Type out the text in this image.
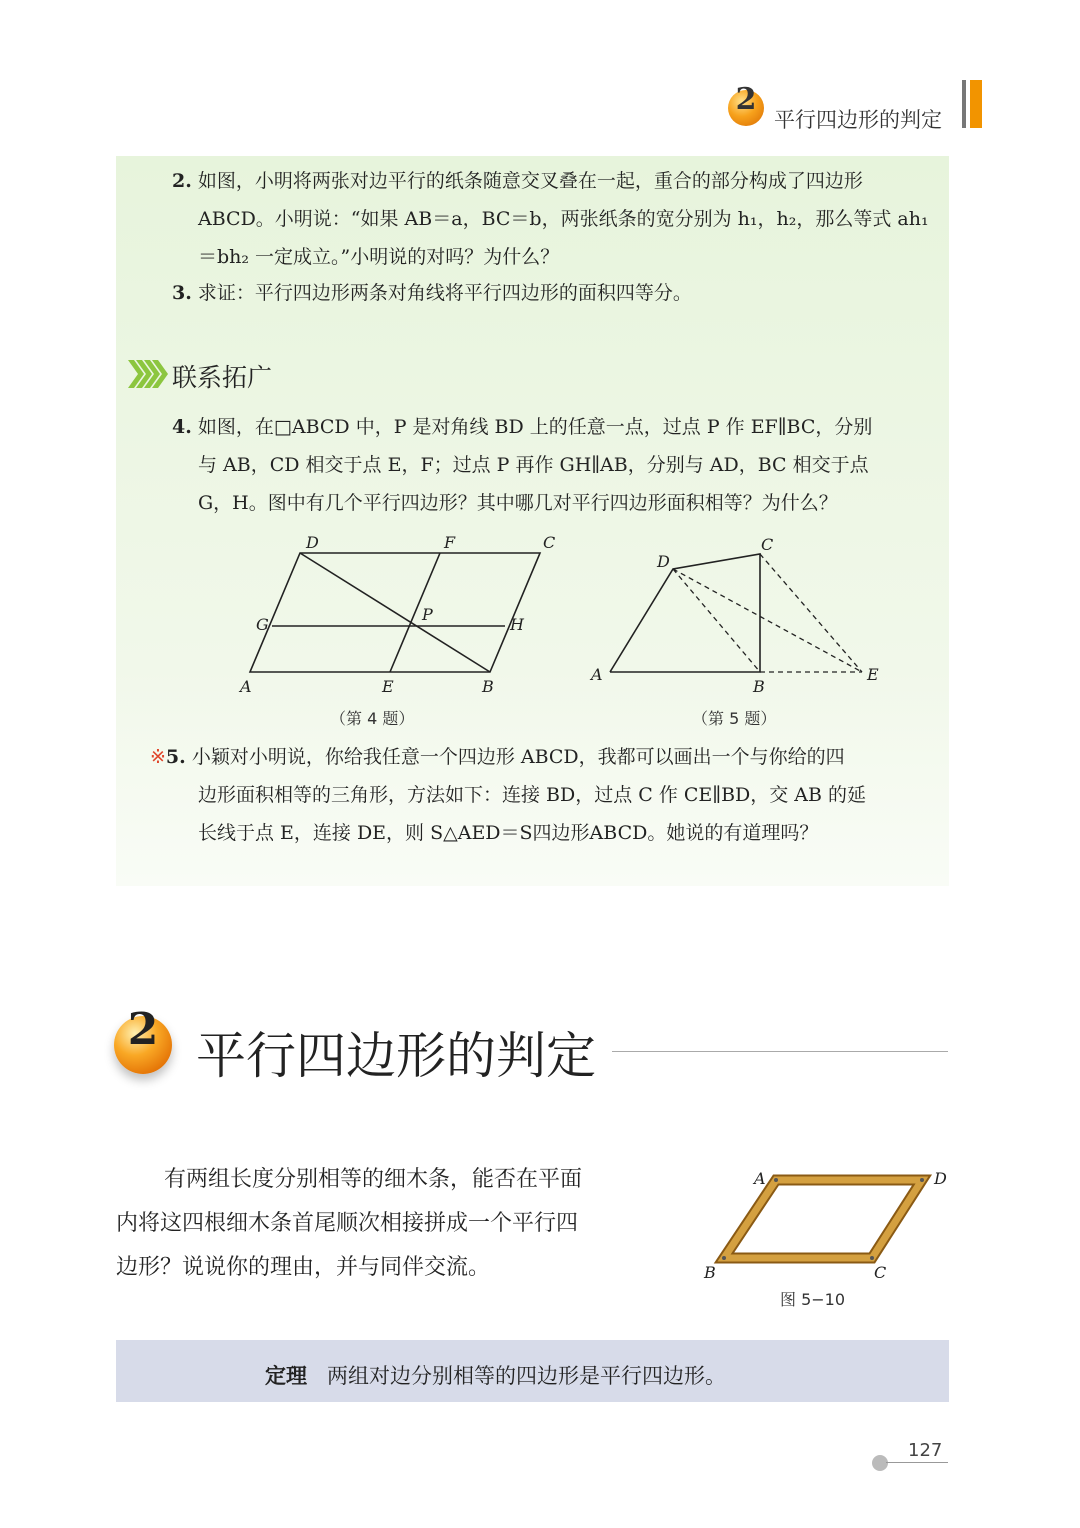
2
平行四边形的判定
2. 如图，小明将两张对边平行的纸条随意交叉叠在一起，重合的部分构成了四边形
ABCD。小明说：“如果 AB＝a，BC＝b，两张纸条的宽分别为 h₁，h₂，那么等式 ah₁
＝bh₂ 一定成立。”小明说的对吗？为什么？
3. 求证：平行四边形两条对角线将平行四边形的面积四等分。
联系拓广
4. 如图，在□ABCD 中，P 是对角线 BD 上的任意一点，过点 P 作 EF∥BC，分别
与 AB，CD 相交于点 E，F；过点 P 再作 GH∥AB，分别与 AD，BC 相交于点
G，H。图中有几个平行四边形？其中哪几对平行四边形面积相等？为什么？
A	E	B
D	F	C
G	H
P
（第 4 题）
A
B
C
D
E
（第 5 题）
※5. 小颖对小明说，你给我任意一个四边形 ABCD，我都可以画出一个与你给的四
边形面积相等的三角形，方法如下：连接 BD，过点 C 作 CE∥BD，交 AB 的延
长线于点 E，连接 DE，则 S△AED＝S四边形ABCD。她说的有道理吗？
2 平行四边形的判定
有两组长度分别相等的细木条，能否在平面
内将这四根细木条首尾顺次相接拼成一个平行四
边形？说说你的理由，并与同伴交流。
A	D
B	C
图 5−10
定理 两组对边分别相等的四边形是平行四边形。
127
